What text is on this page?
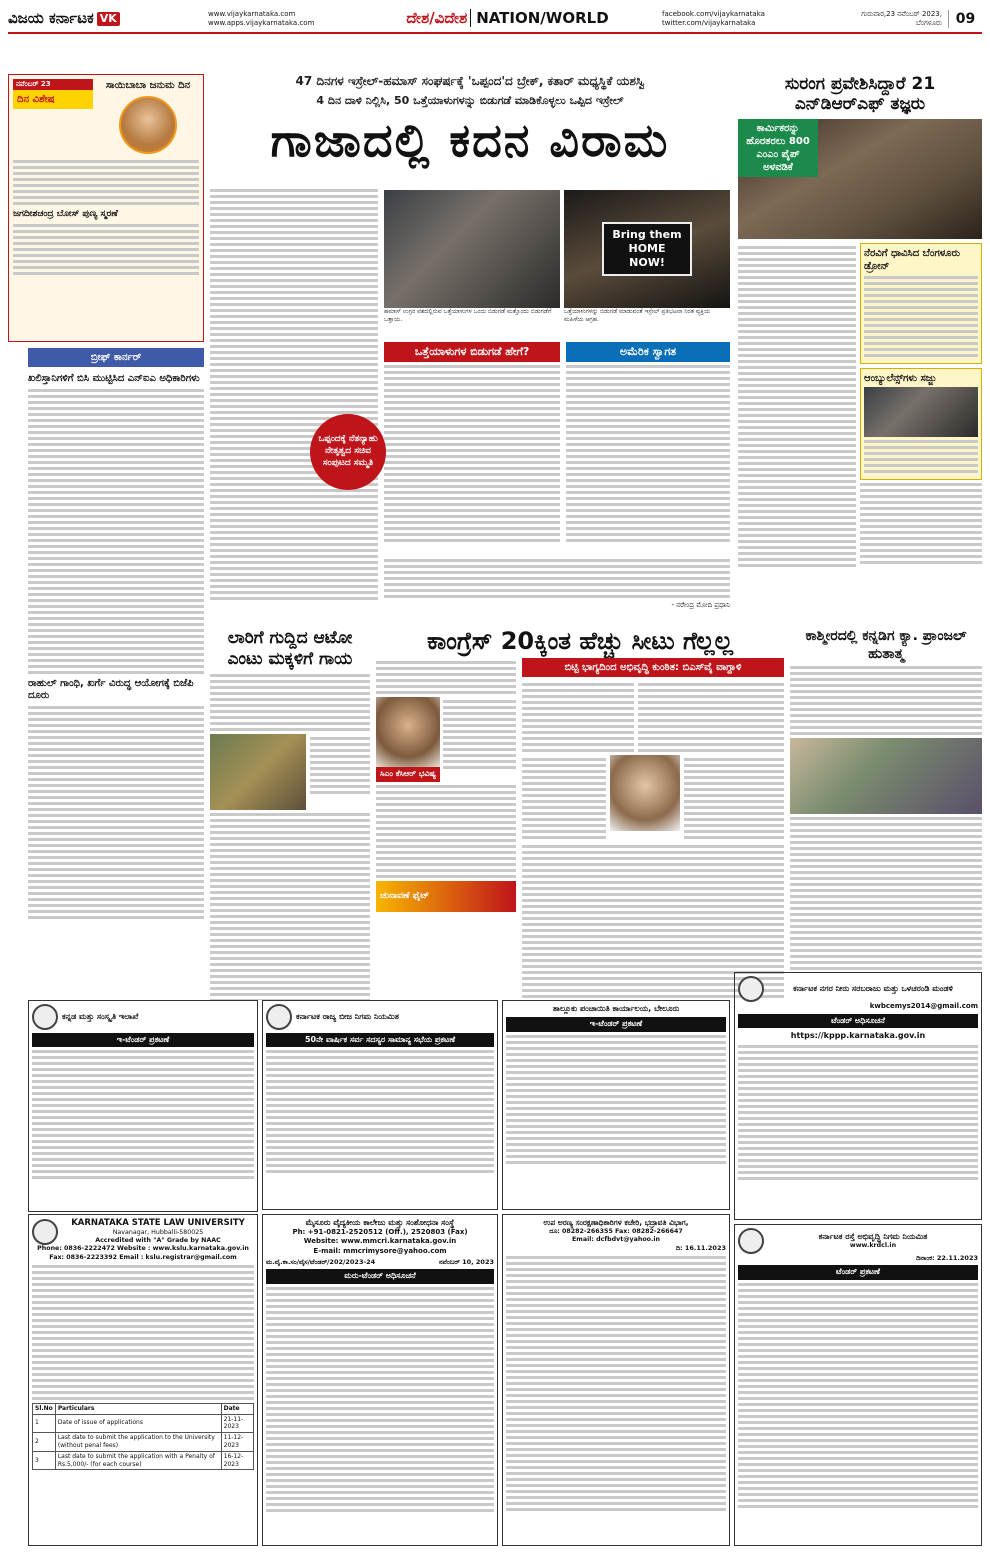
ವಿಜಯ ಕರ್ನಾಟಕ VK	www.vijaykarnataka.com
www.apps.vijaykarnataka.com	ದೇಶ/ವಿದೇಶ NATION/WORLD	facebook.com/vijaykarnataka
twitter.com/vijaykarnataka
ಗುರುವಾರ,23 ನವೆಂಬರ್ 2023,
ಬೆಂಗಳೂರು 09
ನವೆಂಬರ್ 23
ದಿನ ವಿಶೇಷ
ಸಾಯಿಬಾಬಾ ಜನುಮ ದಿನ
ಜಗದೀಶಚಂದ್ರ ಬೋಸ್ ಪುಣ್ಯ ಸ್ಮರಣೆ
ಬ್ರೀಫ್ ಕಾರ್ನರ್
ಖಲಿಸ್ತಾನಿಗಳಿಗೆ ಬಿಸಿ ಮುಟ್ಟಿಸಿದ ಎನ್‌ಐಎ ಅಧಿಕಾರಿಗಳು
ರಾಹುಲ್ ಗಾಂಧಿ, ಖರ್ಗೆ ವಿರುದ್ಧ ಆಯೋಗಕ್ಕೆ ಬಿಜೆಪಿ ದೂರು
47 ದಿನಗಳ ಇಸ್ರೇಲ್-ಹಮಾಸ್ ಸಂಘರ್ಷಕ್ಕೆ 'ಒಪ್ಪಂದ'ದ ಬ್ರೇಕ್, ಕತಾರ್ ಮಧ್ಯಸ್ಥಿಕೆ ಯಶಸ್ವಿ
4 ದಿನ ದಾಳಿ ನಿಲ್ಲಿಸಿ, 50 ಒತ್ತೆಯಾಳುಗಳನ್ನು ಬಿಡುಗಡೆ ಮಾಡಿಕೊಳ್ಳಲು ಒಪ್ಪಿದ ಇಸ್ರೇಲ್
ಗಾಜಾದಲ್ಲಿ ಕದನ ವಿರಾಮ
ಹಮಾಸ್ ಉಗ್ರರ ವಶದಲ್ಲಿರುವ ಒತ್ತೆಯಾಳುಗಳ ಒಂದು ಬಿಡುಗಡೆ ಮತ್ತೊಂದು ಬಿಡುಗಡೆಗೆ ಒತ್ತಾಯ.
Bring them HOME NOW!
ಒತ್ತೆಯಾಳುಗಳನ್ನು ಬಿಡುಗಡೆ ಮಾಡುವಂತೆ ಇಸ್ರೇಲ್ ಪ್ರತಿಭಟನಾ ನಿರತ ವ್ಯಕ್ತಿಯ ಮಹಿಳೆಯ ಆಗ್ರಹ.
ಒತ್ತೆಯಾಳುಗಳ ಬಿಡುಗಡೆ ಹೇಗೆ?	ಅಮೆರಿಕ ಸ್ವಾಗತ
ಒಪ್ಪಂದಕ್ಕೆ ನೆತನ್ಯಾಹು ನೇತೃತ್ವದ ಸಚಿವ ಸಂಪುಟದ ಸಮ್ಮತಿ
- ನರೇಂದ್ರ ಮೋದಿ ಪ್ರಧಾನಿ
ಸುರಂಗ ಪ್ರವೇಶಿಸಿದ್ದಾರೆ 21 ಎನ್‌ಡಿಆರ್‌ಎಫ್ ತಜ್ಞರು
ಕಾರ್ಮಿಕರನ್ನು ಹೊರತರಲು 800 ಎಂಎಂ ಪೈಪ್ ಅಳವಡಿಕೆ
ನೆರವಿಗೆ ಧಾವಿಸಿದ ಬೆಂಗಳೂರು ಡ್ರೋನ್
ಆಂಬ್ಯುಲೆನ್ಸ್‌ಗಳು ಸಜ್ಜು
ಲಾರಿಗೆ ಗುದ್ದಿದ ಆಟೋ ಎಂಟು ಮಕ್ಕಳಿಗೆ ಗಾಯ
ಕಾಂಗ್ರೆಸ್ 20ಕ್ಕಿಂತ ಹೆಚ್ಚು ಸೀಟು ಗೆಲ್ಲಲ್ಲ
ಸಿಎಂ ಕೆಸಿಆರ್ ಭವಿಷ್ಯ
ಚುನಾವಣೆ ಫೈಟ್
ಬಿಟ್ಟಿ ಭಾಗ್ಯದಿಂದ ಅಭಿವೃದ್ಧಿ ಕುಂಠಿತ: ಬಿಎಸ್‌ವೈ ವಾಗ್ದಾಳಿ
ಕಾಶ್ಮೀರದಲ್ಲಿ ಕನ್ನಡಿಗ ಕ್ಯಾ. ಪ್ರಾಂಜಲ್ ಹುತಾತ್ಮ
ಕನ್ನಡ ಮತ್ತು ಸಂಸ್ಕೃತಿ ಇಲಾಖೆ
ಇ-ಟೆಂಡರ್ ಪ್ರಕಟಣೆ
ಕರ್ನಾಟಕ ರಾಜ್ಯ ಬೀಜ ನಿಗಮ ನಿಯಮಿತ
50ನೇ ವಾರ್ಷಿಕ ಸರ್ವ ಸದಸ್ಯರ ಸಾಮಾನ್ಯ ಸಭೆಯ ಪ್ರಕಟಣೆ
ತಾಲ್ಲೂಕು ಪಂಚಾಯಿತಿ ಕಾರ್ಯಾಲಯ, ಬೇಲೂರು
ಇ-ಟೆಂಡರ್ ಪ್ರಕಟಣೆ
ಕರ್ನಾಟಕ ನಗರ ನೀರು ಸರಬರಾಜು ಮತ್ತು ಒಳಚರಂಡಿ ಮಂಡಳಿ
kwbcemys2014@gmail.com
ಟೆಂಡರ್ ಅಧಿಸೂಚನೆ
https://kppp.karnataka.gov.in
KARNATAKA STATE LAW UNIVERSITY
Navanagar, Hubballi-580025
Accredited with "A" Grade by NAAC
Phone: 0836-2222472 Website : www.kslu.karnataka.gov.in
Fax: 0836-2223392 Email : kslu.registrar@gmail.com
Sl.No	Particulars	Date
1	Date of issue of applications	21-11-2023
2	Last date to submit the application to the University (without penal fees)	11-12-2023
3	Last date to submit the application with a Penalty of Rs.5,000/- (for each course)	16-12-2023
ಮೈಸೂರು ವೈದ್ಯಕೀಯ ಕಾಲೇಜು ಮತ್ತು ಸಂಶೋಧನಾ ಸಂಸ್ಥೆ
Ph: +91-0821-2520512 (Off.), 2520803 (Fax)
Website: www.mmcri.karnataka.gov.in
E-mail: mmcrimysore@yahoo.com
ಮ.ವೈ.ಕಾ.ಸಂ/ವೈಸ/ಟೆಂಡರ್/202/2023-24	ನವೆಂಬರ್ 10, 2023
ಮರು-ಟೆಂಡರ್ ಅಧಿಸೂಚನೆ
ಉಪ ಅರಣ್ಯ ಸಂರಕ್ಷಣಾಧಿಕಾರಿಗಳ ಕಚೇರಿ, ಭದ್ರಾವತಿ ವಿಭಾಗ,
ದೂ: 08282-266355 Fax: 08282-266647
Email: dcfbdvt@yahoo.in
ದಿ: 16.11.2023
ಕರ್ನಾಟಕ ರಸ್ತೆ ಅಭಿವೃದ್ಧಿ ನಿಗಮ ನಿಯಮಿತ
www.krdcl.in
ದಿನಾಂಕ: 22.11.2023
ಟೆಂಡರ್ ಪ್ರಕಟಣೆ
